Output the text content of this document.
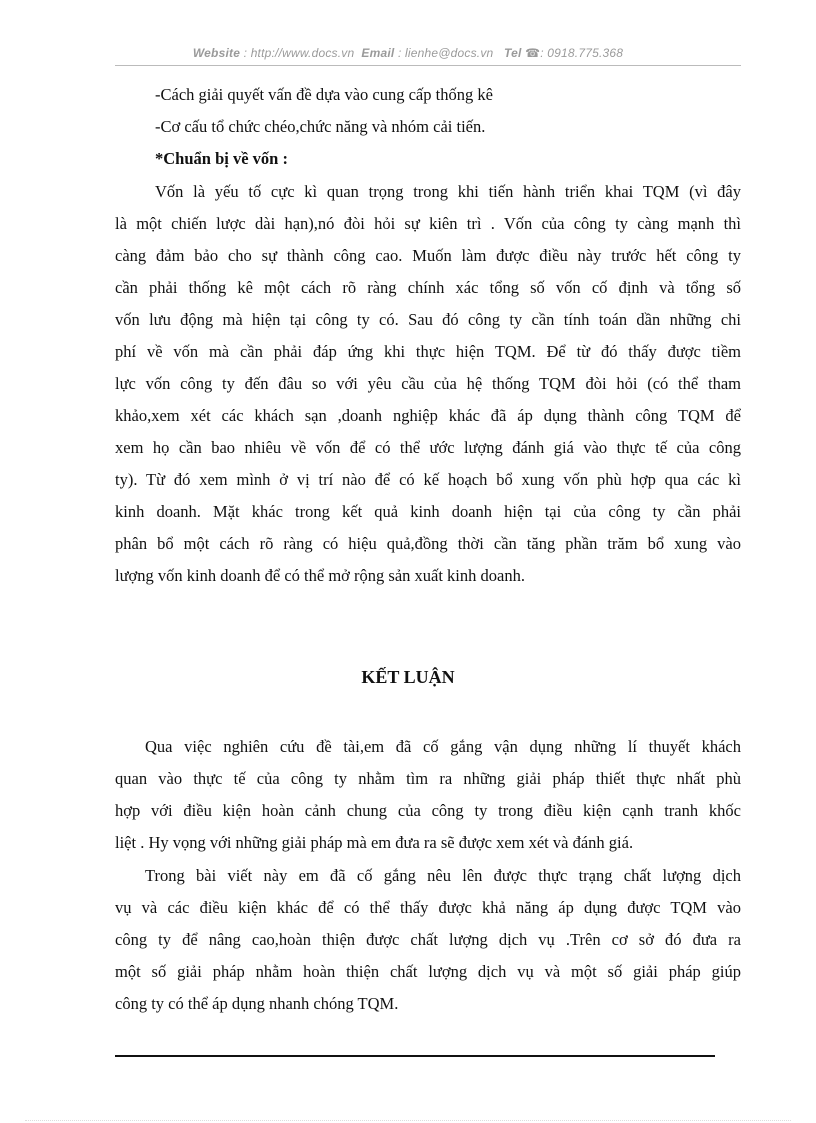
Website : http://www.docs.vn Email : lienhe@docs.vn Tel ☎: 0918.775.368
-Cách giải quyết vấn đề dựa vào cung cấp thống kê
-Cơ cấu tổ chức chéo,chức năng và nhóm cải tiến.
*Chuẩn bị về vốn :
Vốn là yếu tố cực kì quan trọng trong khi tiến hành triển khai TQM (vì đây
là một chiến lược dài hạn),nó đòi hỏi sự kiên trì . Vốn của công ty càng mạnh thì
càng đảm bảo cho sự thành công cao. Muốn làm được điều này trước hết công ty
cần phải thống kê một cách rõ ràng chính xác tổng số vốn cố định và tổng số
vốn lưu động mà hiện tại công ty có. Sau đó công ty cần tính toán dần những chi
phí về vốn mà cần phải đáp ứng khi thực hiện TQM. Để từ đó thấy được tiềm
lực vốn công ty đến đâu so với yêu cầu của hệ thống TQM đòi hỏi (có thể tham
khảo,xem xét các khách sạn ,doanh nghiệp khác đã áp dụng thành công TQM để
xem họ cần bao nhiêu về vốn để có thể ước lượng đánh giá vào thực tế của công
ty). Từ đó xem mình ở vị trí nào để có kế hoạch bổ xung vốn phù hợp qua các kì
kinh doanh. Mặt khác trong kết quả kinh doanh hiện tại của công ty cần phải
phân bổ một cách rõ ràng có hiệu quả,đồng thời cần tăng phần trăm bổ xung vào
lượng vốn kinh doanh để có thể mở rộng sản xuất kinh doanh.
KẾT LUẬN
Qua việc nghiên cứu đề tài,em đã cố gắng vận dụng những lí thuyết khách
quan vào thực tế của công ty nhằm tìm ra những giải pháp thiết thực nhất phù
hợp với điều kiện hoàn cảnh chung của công ty trong điều kiện cạnh tranh khốc
liệt . Hy vọng với những giải pháp mà em đưa ra sẽ được xem xét và đánh giá.
Trong bài viết này em đã cố gắng nêu lên được thực trạng chất lượng dịch
vụ và các điều kiện khác để có thể thấy được khả năng áp dụng được TQM vào
công ty để nâng cao,hoàn thiện được chất lượng dịch vụ .Trên cơ sở đó đưa ra
một số giải pháp nhằm hoàn thiện chất lượng dịch vụ và một số giải pháp giúp
công ty có thể áp dụng nhanh chóng TQM.
